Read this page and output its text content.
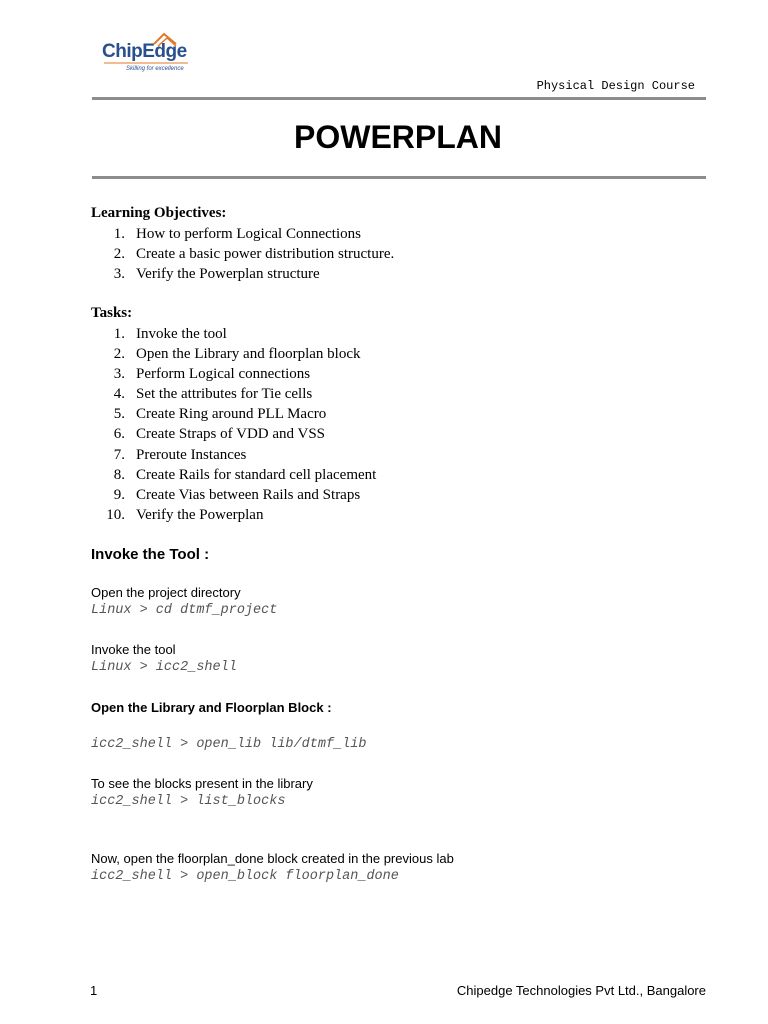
ChipEdge
Skilling for excellence
Physical Design Course
POWERPLAN
Learning Objectives:
1. How to perform Logical Connections
2. Create a basic power distribution structure.
3. Verify the Powerplan structure
Tasks:
1. Invoke the tool
2. Open the Library and floorplan block
3. Perform Logical connections
4. Set the attributes for Tie cells
5. Create Ring around PLL Macro
6. Create Straps of VDD and VSS
7. Preroute Instances
8. Create Rails for standard cell placement
9. Create Vias between Rails and Straps
10. Verify the Powerplan
Invoke the Tool :
Open the project directory
Linux > cd dtmf_project
Invoke the tool
Linux > icc2_shell
Open the Library and Floorplan Block :
icc2_shell > open_lib lib/dtmf_lib
To see the blocks present in the library
icc2_shell > list_blocks
Now, open the floorplan_done block created in the previous lab
icc2_shell > open_block floorplan_done
1	Chipedge Technologies Pvt Ltd., Bangalore
